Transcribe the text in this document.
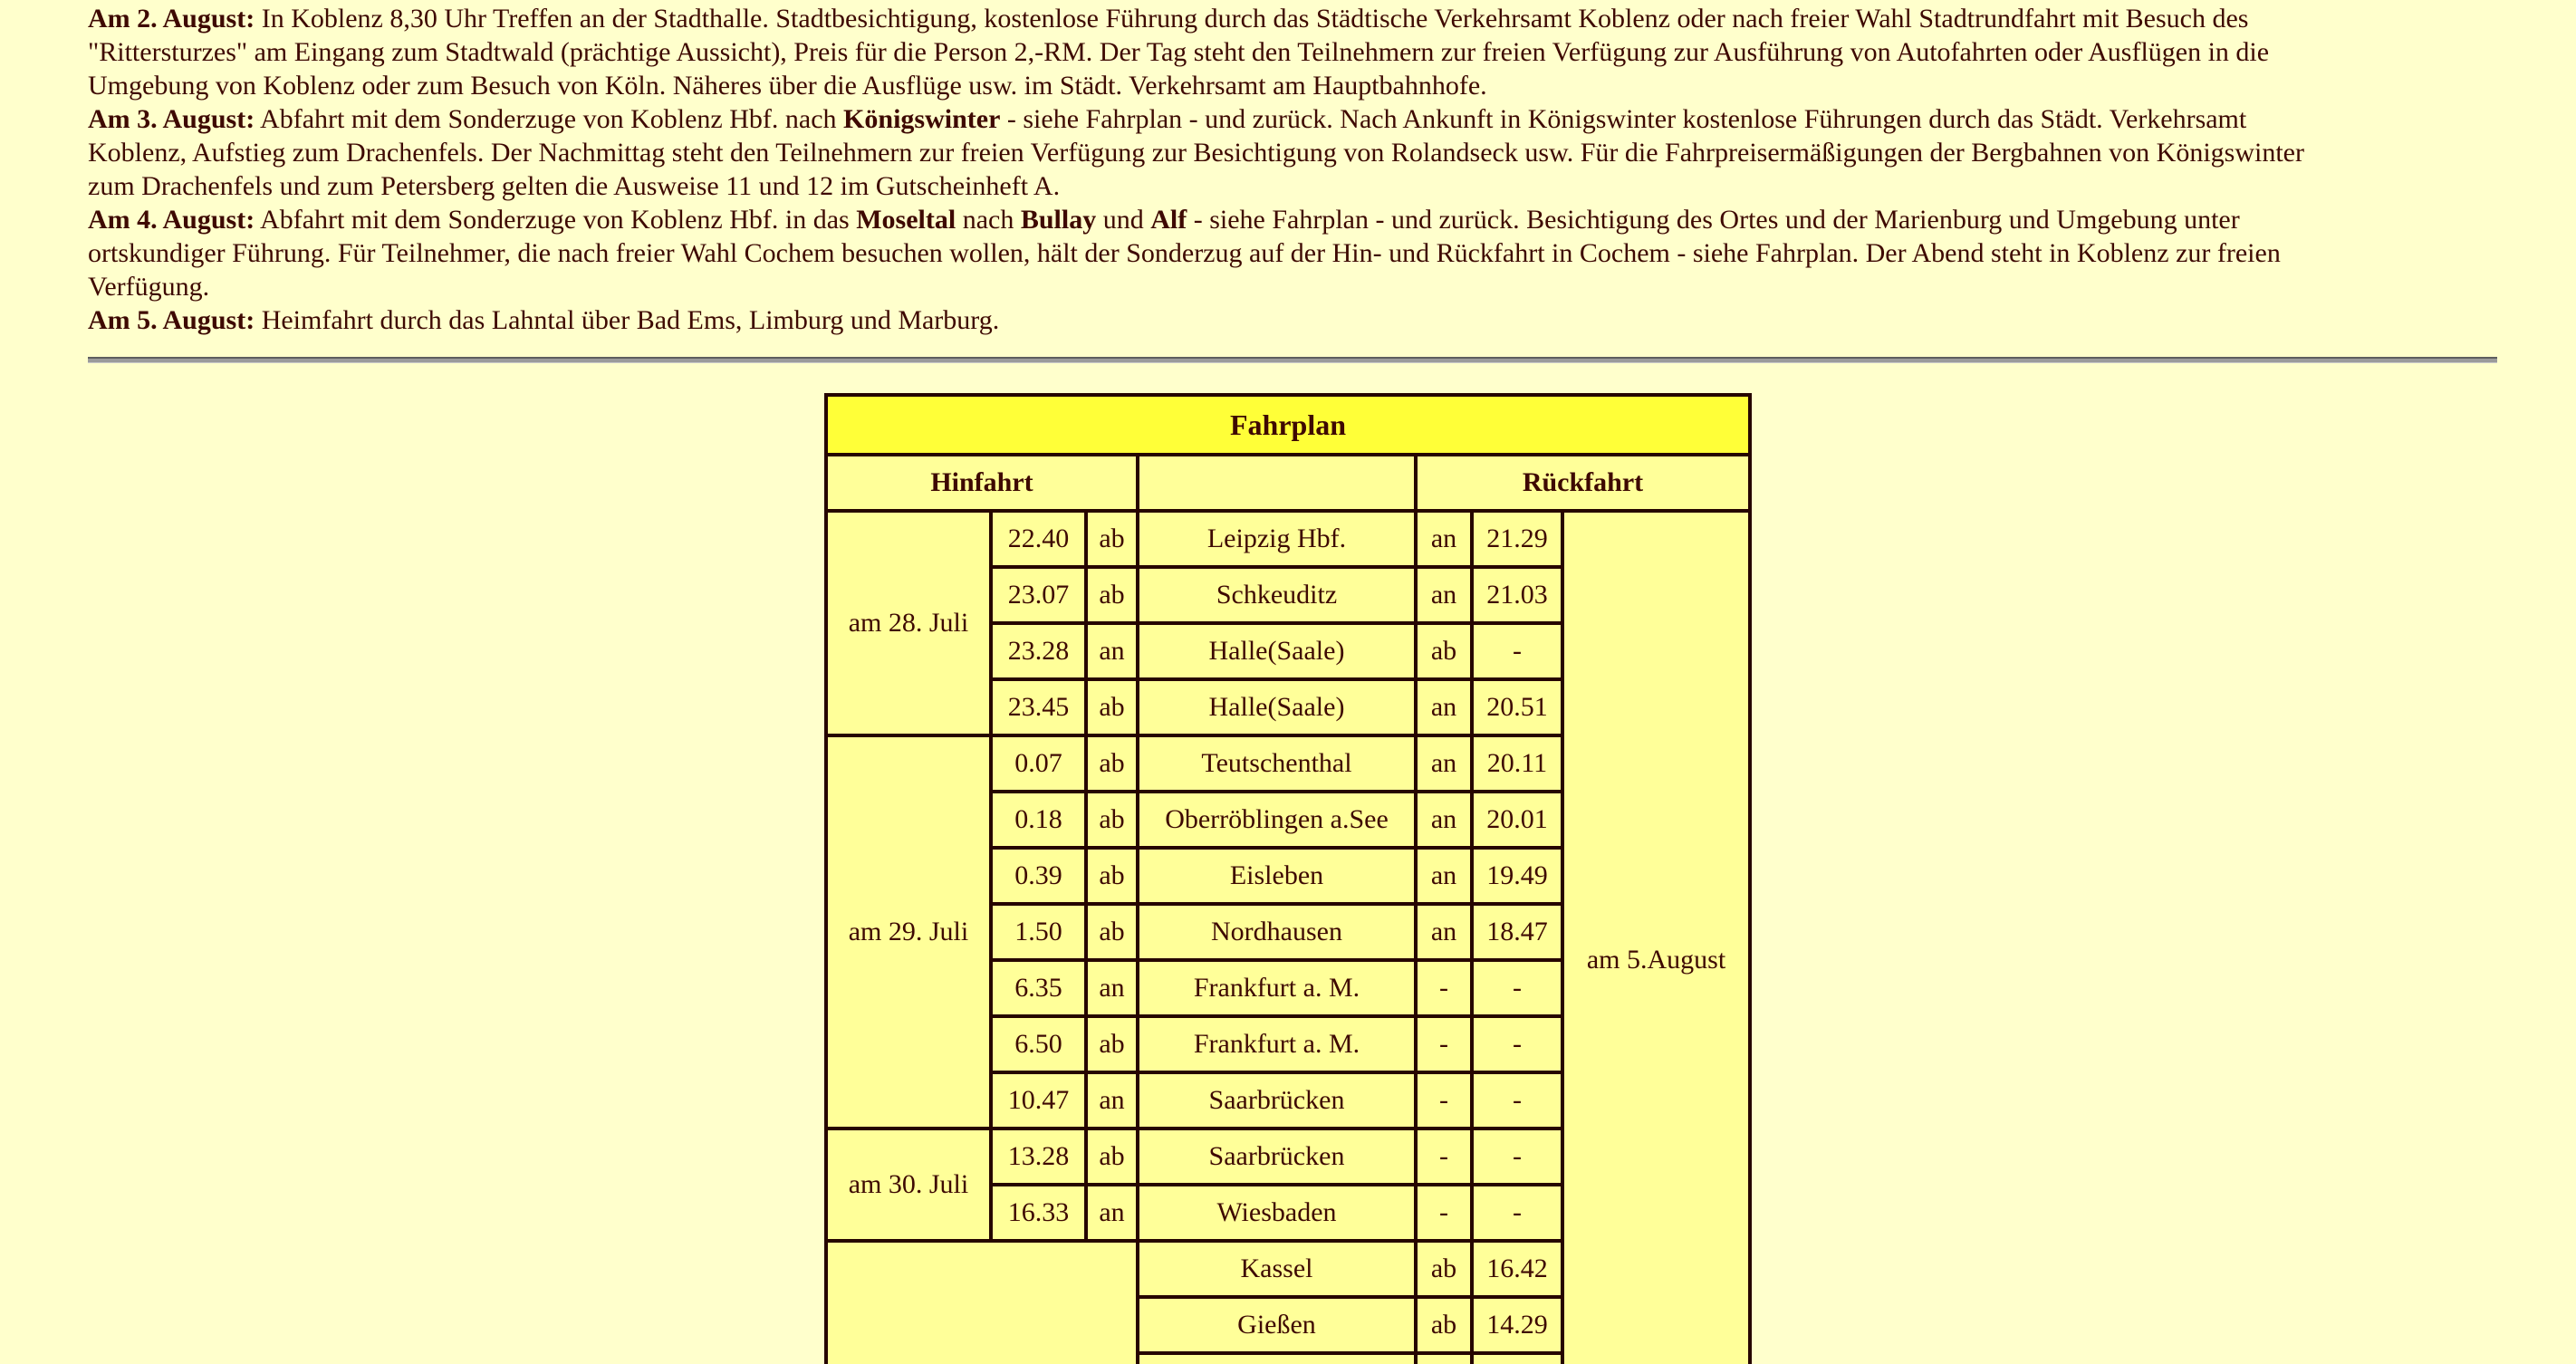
Am 2. August: In Koblenz 8,30 Uhr Treffen an der Stadthalle. Stadtbesichtigung, kostenlose Führung durch das Städtische Verkehrsamt Koblenz oder nach freier Wahl Stadtrundfahrt mit Besuch des
"Rittersturzes" am Eingang zum Stadtwald (prächtige Aussicht), Preis für die Person 2,-RM. Der Tag steht den Teilnehmern zur freien Verfügung zur Ausführung von Autofahrten oder Ausflügen in die
Umgebung von Koblenz oder zum Besuch von Köln. Näheres über die Ausflüge usw. im Städt. Verkehrsamt am Hauptbahnhofe.
Am 3. August: Abfahrt mit dem Sonderzuge von Koblenz Hbf. nach Königswinter - siehe Fahrplan - und zurück. Nach Ankunft in Königswinter kostenlose Führungen durch das Städt. Verkehrsamt
Koblenz, Aufstieg zum Drachenfels. Der Nachmittag steht den Teilnehmern zur freien Verfügung zur Besichtigung von Rolandseck usw. Für die Fahrpreisermäßigungen der Bergbahnen von Königswinter
zum Drachenfels und zum Petersberg gelten die Ausweise 11 und 12 im Gutscheinheft A.
Am 4. August: Abfahrt mit dem Sonderzuge von Koblenz Hbf. in das Moseltal nach Bullay und Alf - siehe Fahrplan - und zurück. Besichtigung des Ortes und der Marienburg und Umgebung unter
ortskundiger Führung. Für Teilnehmer, die nach freier Wahl Cochem besuchen wollen, hält der Sonderzug auf der Hin- und Rückfahrt in Cochem - siehe Fahrplan. Der Abend steht in Koblenz zur freien
Verfügung.
Am 5. August: Heimfahrt durch das Lahntal über Bad Ems, Limburg und Marburg.
Fahrplan						
Hinfahrt				Rückfahrt		
am 28. Juli	22.40	ab	Leipzig Hbf.	an	21.29	am 5.August
	23.07	ab	Schkeuditz	an	21.03	
	23.28	an	Halle(Saale)	ab	-	
	23.45	ab	Halle(Saale)	an	20.51	
am 29. Juli	0.07	ab	Teutschenthal	an	20.11	
	0.18	ab	Oberröblingen a.See	an	20.01	
	0.39	ab	Eisleben	an	19.49	
	1.50	ab	Nordhausen	an	18.47	
	6.35	an	Frankfurt a. M.	-	-	
	6.50	ab	Frankfurt a. M.	-	-	
	10.47	an	Saarbrücken	-	-	
am 30. Juli	13.28	ab	Saarbrücken	-	-	
	16.33	an	Wiesbaden	-	-	
			Kassel	ab	16.42	
			Gießen	ab	14.29	
